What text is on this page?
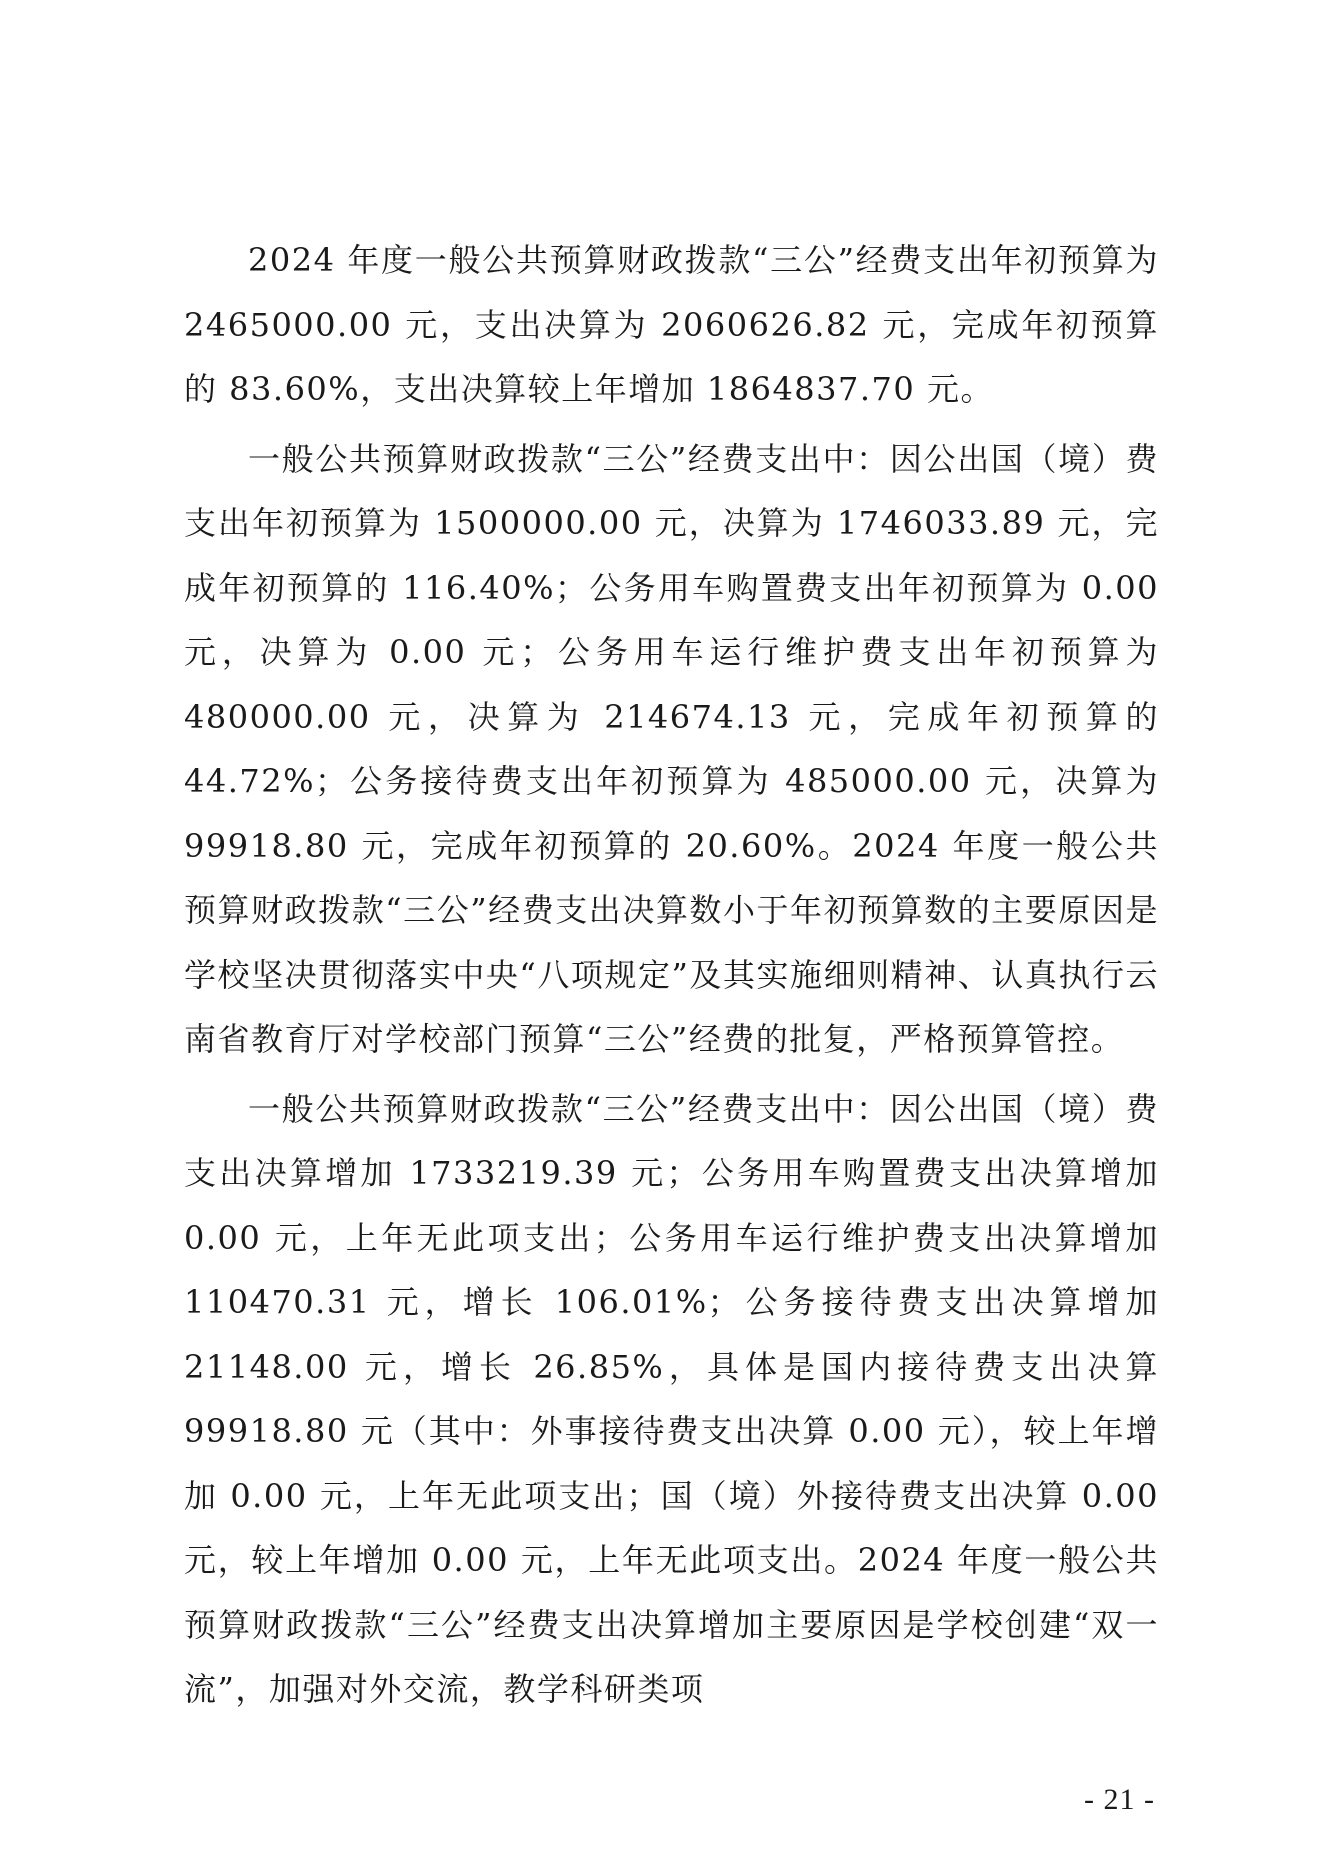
2024 年度一般公共预算财政拨款“三公”经费支出年初预算为 2465000.00 元，支出决算为 2060626.82 元，完成年初预算的 83.60%，支出决算较上年增加 1864837.70 元。

一般公共预算财政拨款“三公”经费支出中：因公出国（境）费支出年初预算为 1500000.00 元，决算为 1746033.89 元，完成年初预算的 116.40%；公务用车购置费支出年初预算为 0.00 元，决算为 0.00 元；公务用车运行维护费支出年初预算为 480000.00 元，决算为 214674.13 元，完成年初预算的 44.72%；公务接待费支出年初预算为 485000.00 元，决算为 99918.80 元，完成年初预算的 20.60%。2024 年度一般公共预算财政拨款“三公”经费支出决算数小于年初预算数的主要原因是学校坚决贯彻落实中央“八项规定”及其实施细则精神、认真执行云南省教育厅对学校部门预算“三公”经费的批复，严格预算管控。

一般公共预算财政拨款“三公”经费支出中：因公出国（境）费支出决算增加 1733219.39 元；公务用车购置费支出决算增加 0.00 元，上年无此项支出；公务用车运行维护费支出决算增加 110470.31 元，增长 106.01%；公务接待费支出决算增加 21148.00 元，增长 26.85%，具体是国内接待费支出决算 99918.80 元（其中：外事接待费支出决算 0.00 元），较上年增加 0.00 元，上年无此项支出；国（境）外接待费支出决算 0.00 元，较上年增加 0.00 元，上年无此项支出。2024 年度一般公共预算财政拨款“三公”经费支出决算增加主要原因是学校创建“双一流”，加强对外交流，教学科研类项

- 21 -
